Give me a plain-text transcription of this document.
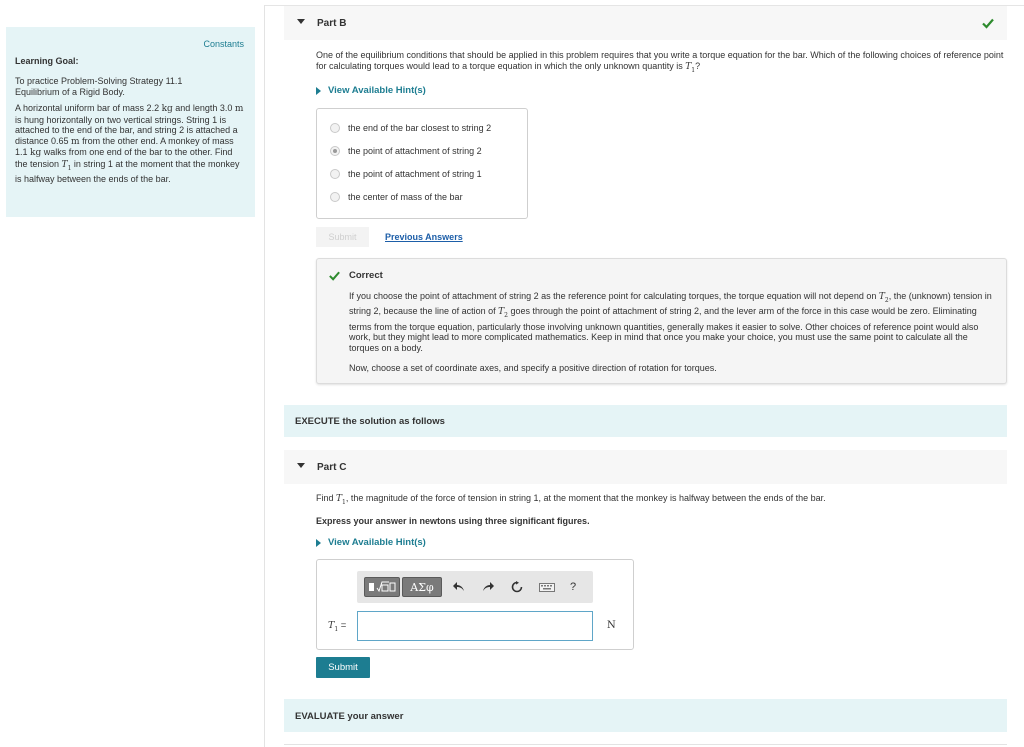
Constants
Learning Goal:
To practice Problem-Solving Strategy 11.1
Equilibrium of a Rigid Body.
A horizontal uniform bar of mass 2.2 kg and length 3.0 m is hung horizontally on two vertical strings. String 1 is attached to the end of the bar, and string 2 is attached a distance 0.65 m from the other end. A monkey of mass 1.1 kg walks from one end of the bar to the other. Find the tension $T_1$ in string 1 at the moment that the monkey is halfway between the ends of the bar.
Part B
One of the equilibrium conditions that should be applied in this problem requires that you write a torque equation for the bar. Which of the following choices of reference point for calculating torques would lead to a torque equation in which the only unknown quantity is $T_1$?
View Available Hint(s)
the end of the bar closest to string 2
the point of attachment of string 2
the point of attachment of string 1
the center of mass of the bar
Submit	Previous Answers
Correct
If you choose the point of attachment of string 2 as the reference point for calculating torques, the torque equation will not depend on $T_2$, the (unknown) tension in string 2, because the line of action of $T_2$ goes through the point of attachment of string 2, and the lever arm of the force in this case would be zero. Eliminating terms from the torque equation, particularly those involving unknown quantities, generally makes it easier to solve. Other choices of reference point would also work, but they might lead to more complicated mathematics. Keep in mind that once you make your choice, you must use the same point to calculate all the torques on a body.
Now, choose a set of coordinate axes, and specify a positive direction of rotation for torques.
EXECUTE the solution as follows
Part C
Find $T_1$, the magnitude of the force of tension in string 1, at the moment that the monkey is halfway between the ends of the bar.
Express your answer in newtons using three significant figures.
View Available Hint(s)
ΑΣφ	?
$T_1$ =	N
Submit
EVALUATE your answer
